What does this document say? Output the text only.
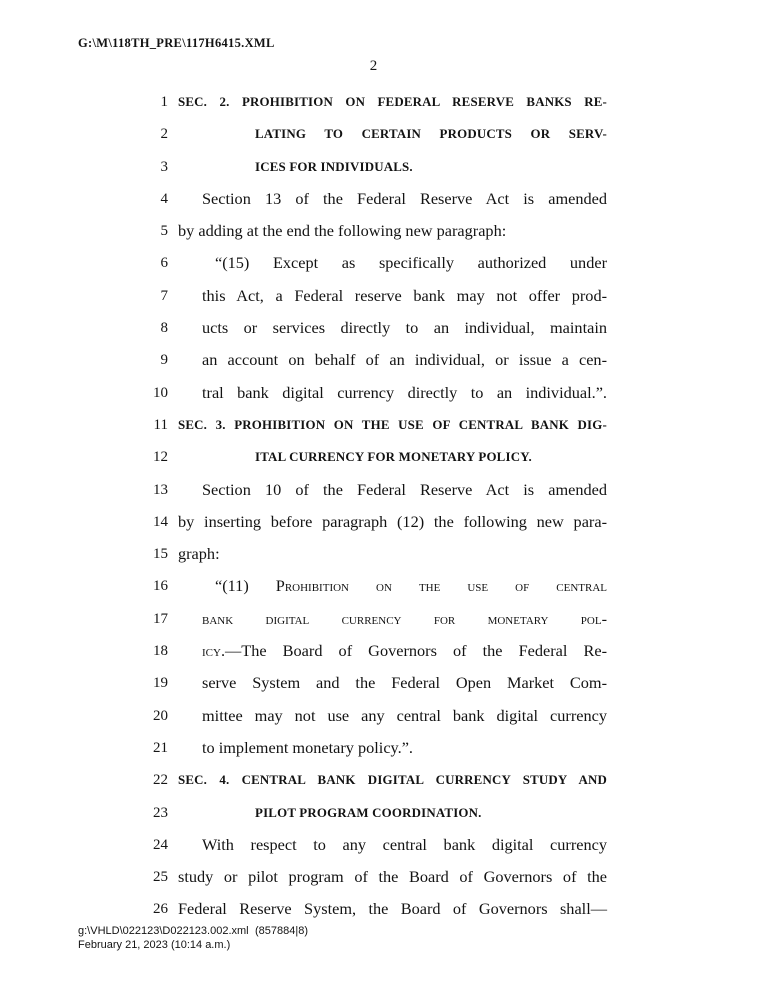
G:\M\118TH_PRE\117H6415.XML
2
1 SEC. 2. PROHIBITION ON FEDERAL RESERVE BANKS RE-
2	LATING TO CERTAIN PRODUCTS OR SERV-
3	ICES FOR INDIVIDUALS.
4	Section 13 of the Federal Reserve Act is amended
5 by adding at the end the following new paragraph:
6	“(15) Except as specifically authorized under
7	this Act, a Federal reserve bank may not offer prod-
8	ucts or services directly to an individual, maintain
9	an account on behalf of an individual, or issue a cen-
10	tral bank digital currency directly to an individual.”.
11 SEC. 3. PROHIBITION ON THE USE OF CENTRAL BANK DIG-
12	ITAL CURRENCY FOR MONETARY POLICY.
13	Section 10 of the Federal Reserve Act is amended
14 by inserting before paragraph (12) the following new para-
15 graph:
16	“(11) Prohibition on the use of central
17	bank digital currency for monetary pol-
18	icy.—The Board of Governors of the Federal Re-
19	serve System and the Federal Open Market Com-
20	mittee may not use any central bank digital currency
21	to implement monetary policy.”.
22 SEC. 4. CENTRAL BANK DIGITAL CURRENCY STUDY AND
23	PILOT PROGRAM COORDINATION.
24	With respect to any central bank digital currency
25 study or pilot program of the Board of Governors of the
26 Federal Reserve System, the Board of Governors shall—
g:\VHLD\022123\D022123.002.xml (857884|8)
February 21, 2023 (10:14 a.m.)
